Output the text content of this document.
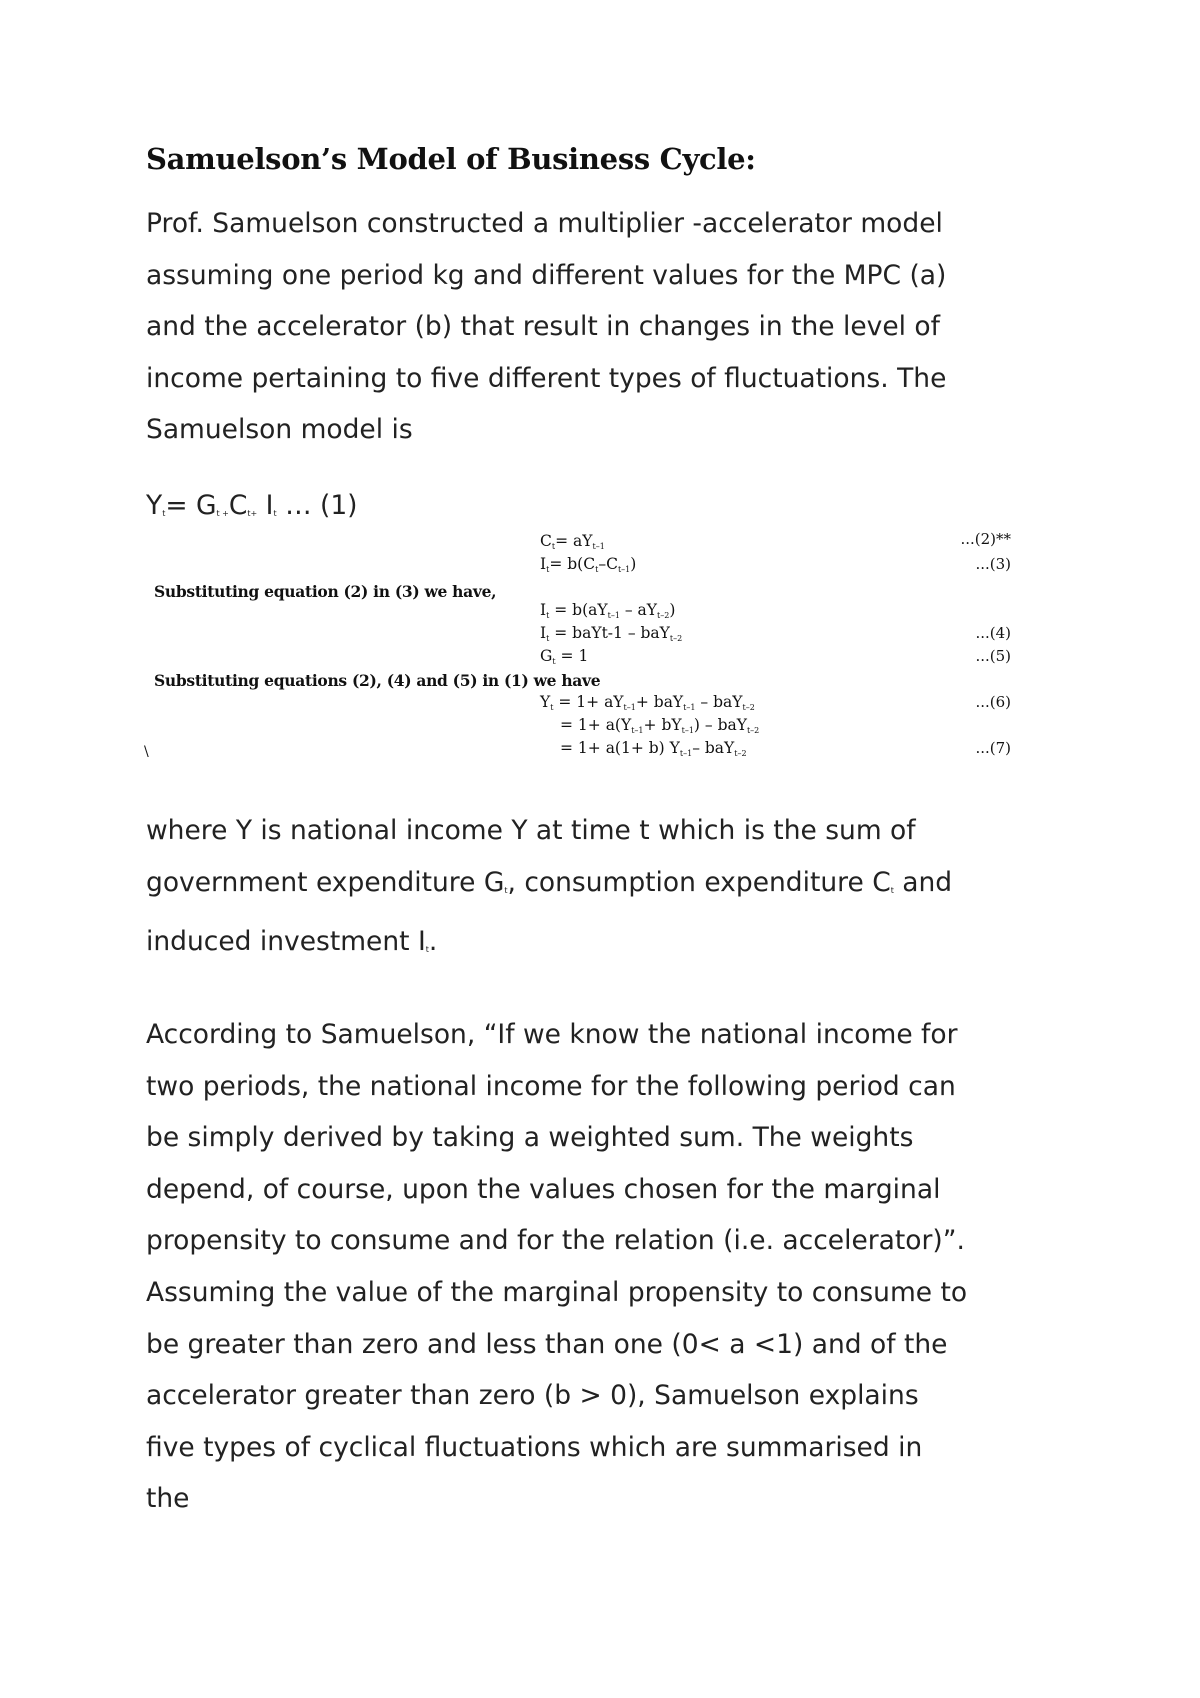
Samuelson’s Model of Business Cycle:

Prof. Samuelson constructed a multiplier -accelerator model
assuming one period kg and different values for the MPC (a)
and the accelerator (b) that result in changes in the level of
income pertaining to five different types of fluctuations. The
Samuelson model is

$Y_t= G_{t +}C_{t+}$ $I_t$ … (1)
Substituting equation (2) in (3) we have,
Substituting equations (2), (4) and (5) in (1) we have
$C_t= aY_{t-1}$	...(2)**
$I_t= b(C_t-C_{t-1})$	...(3)
$I_t = b(aY_{t-1} - aY_{t-2})$
$I_t$ = baYt-1 – baY$_{t-2}$	...(4)
$G_t = 1$	...(5)
$Y_t = 1+ aY_{t-1}+ baY_{t-1} - baY_{t-2}$	...(6)
= $1+ a(Y_{t-1}+ bY_{t-1}) - baY_{t-2}$
= 1+ a(1+ b) $Y_{t-1}-$ baY$_{t-2}$	...(7)
\

where Y is national income Y at time t which is the sum of
government expenditure $G_t$, consumption expenditure $C_t$ and
induced investment $I_t$.

According to Samuelson, “If we know the national income for
two periods, the national income for the following period can
be simply derived by taking a weighted sum. The weights
depend, of course, upon the values chosen for the marginal
propensity to consume and for the relation (i.e. accelerator)”.
Assuming the value of the marginal propensity to consume to
be greater than zero and less than one (0< a <1) and of the
accelerator greater than zero (b > 0), Samuelson explains
five types of cyclical fluctuations which are summarised in
the
